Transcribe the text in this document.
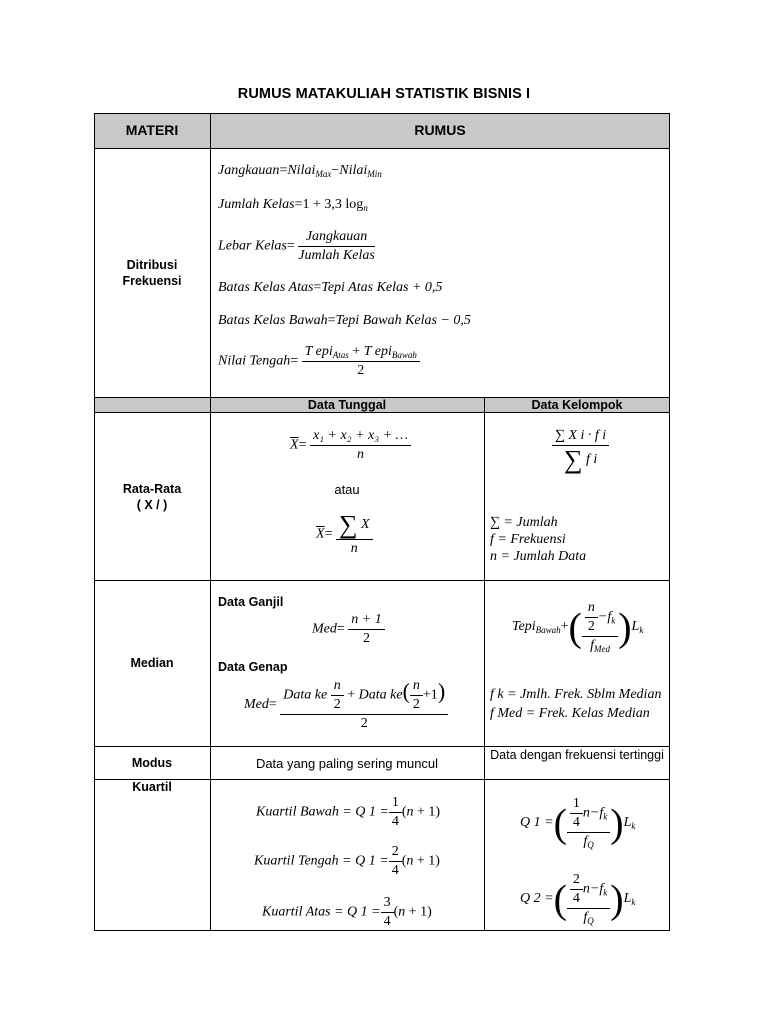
RUMUS MATAKULIAH STATISTIK BISNIS I
MATERI	RUMUS
Ditribusi
Frekuensi
Rata-Rata
( X / )
Median
Modus
Kuartil
Data Tunggal	Data Kelompok
Jangkauan=Nilai$_{Max}$−Nilai$_{Min}$
Jumlah Kelas=1 + 3,3 $\log_n$
Lebar Kelas= $\frac{\text{Jangkauan}}{\text{Jumlah Kelas}}$
Batas Kelas Atas=Tepi Atas Kelas + 0,5
Batas Kelas Bawah=Tepi Bawah Kelas − 0,5
Nilai Tengah= $\frac{T epi_{Atas} + T epi_{Bawah}}{2}$
$\overline{X}= \frac{\text{x₁ + x₂ + x₃ + …}}{n}$
atau
$\overline{X}= \frac{\sum X}{n}$
$\frac{\text{∑ X i · f i}}{\text{∑ f i}}$
∑ = Jumlah
f = Frekuensi
n = Jumlah Data
Data Ganjil
$Med= \frac{n + 1}{2}$
Data Genap
$Med= \frac{Data ke \frac{n}{2} + Data ke( \frac{n}{2} +1)}{2}$
Tepi$_{Bawah}$+( $\frac{\frac{n}{2} -f_k}{f_{Med}} )L_k$
f k = Jmlh. Frek. Sblm Median
f Med = Frek. Kelas Median
Data yang paling sering muncul
Data dengan frekuensi tertinggi
Kuartil Bawah = Q $1 = \frac{1}{4} (n + 1)$
Kuartil Tengah = Q $1 = \frac{2}{4} (n + 1)$
Kuartil Atas = Q $1 = \frac{3}{4} (n + 1)$
Q 1 =( $\frac{\frac{1}{4} n-f_k}{f_Q} )L_k$
Q 2 =( $\frac{\frac{2}{4} n-f_k}{f_Q} )L_k$
